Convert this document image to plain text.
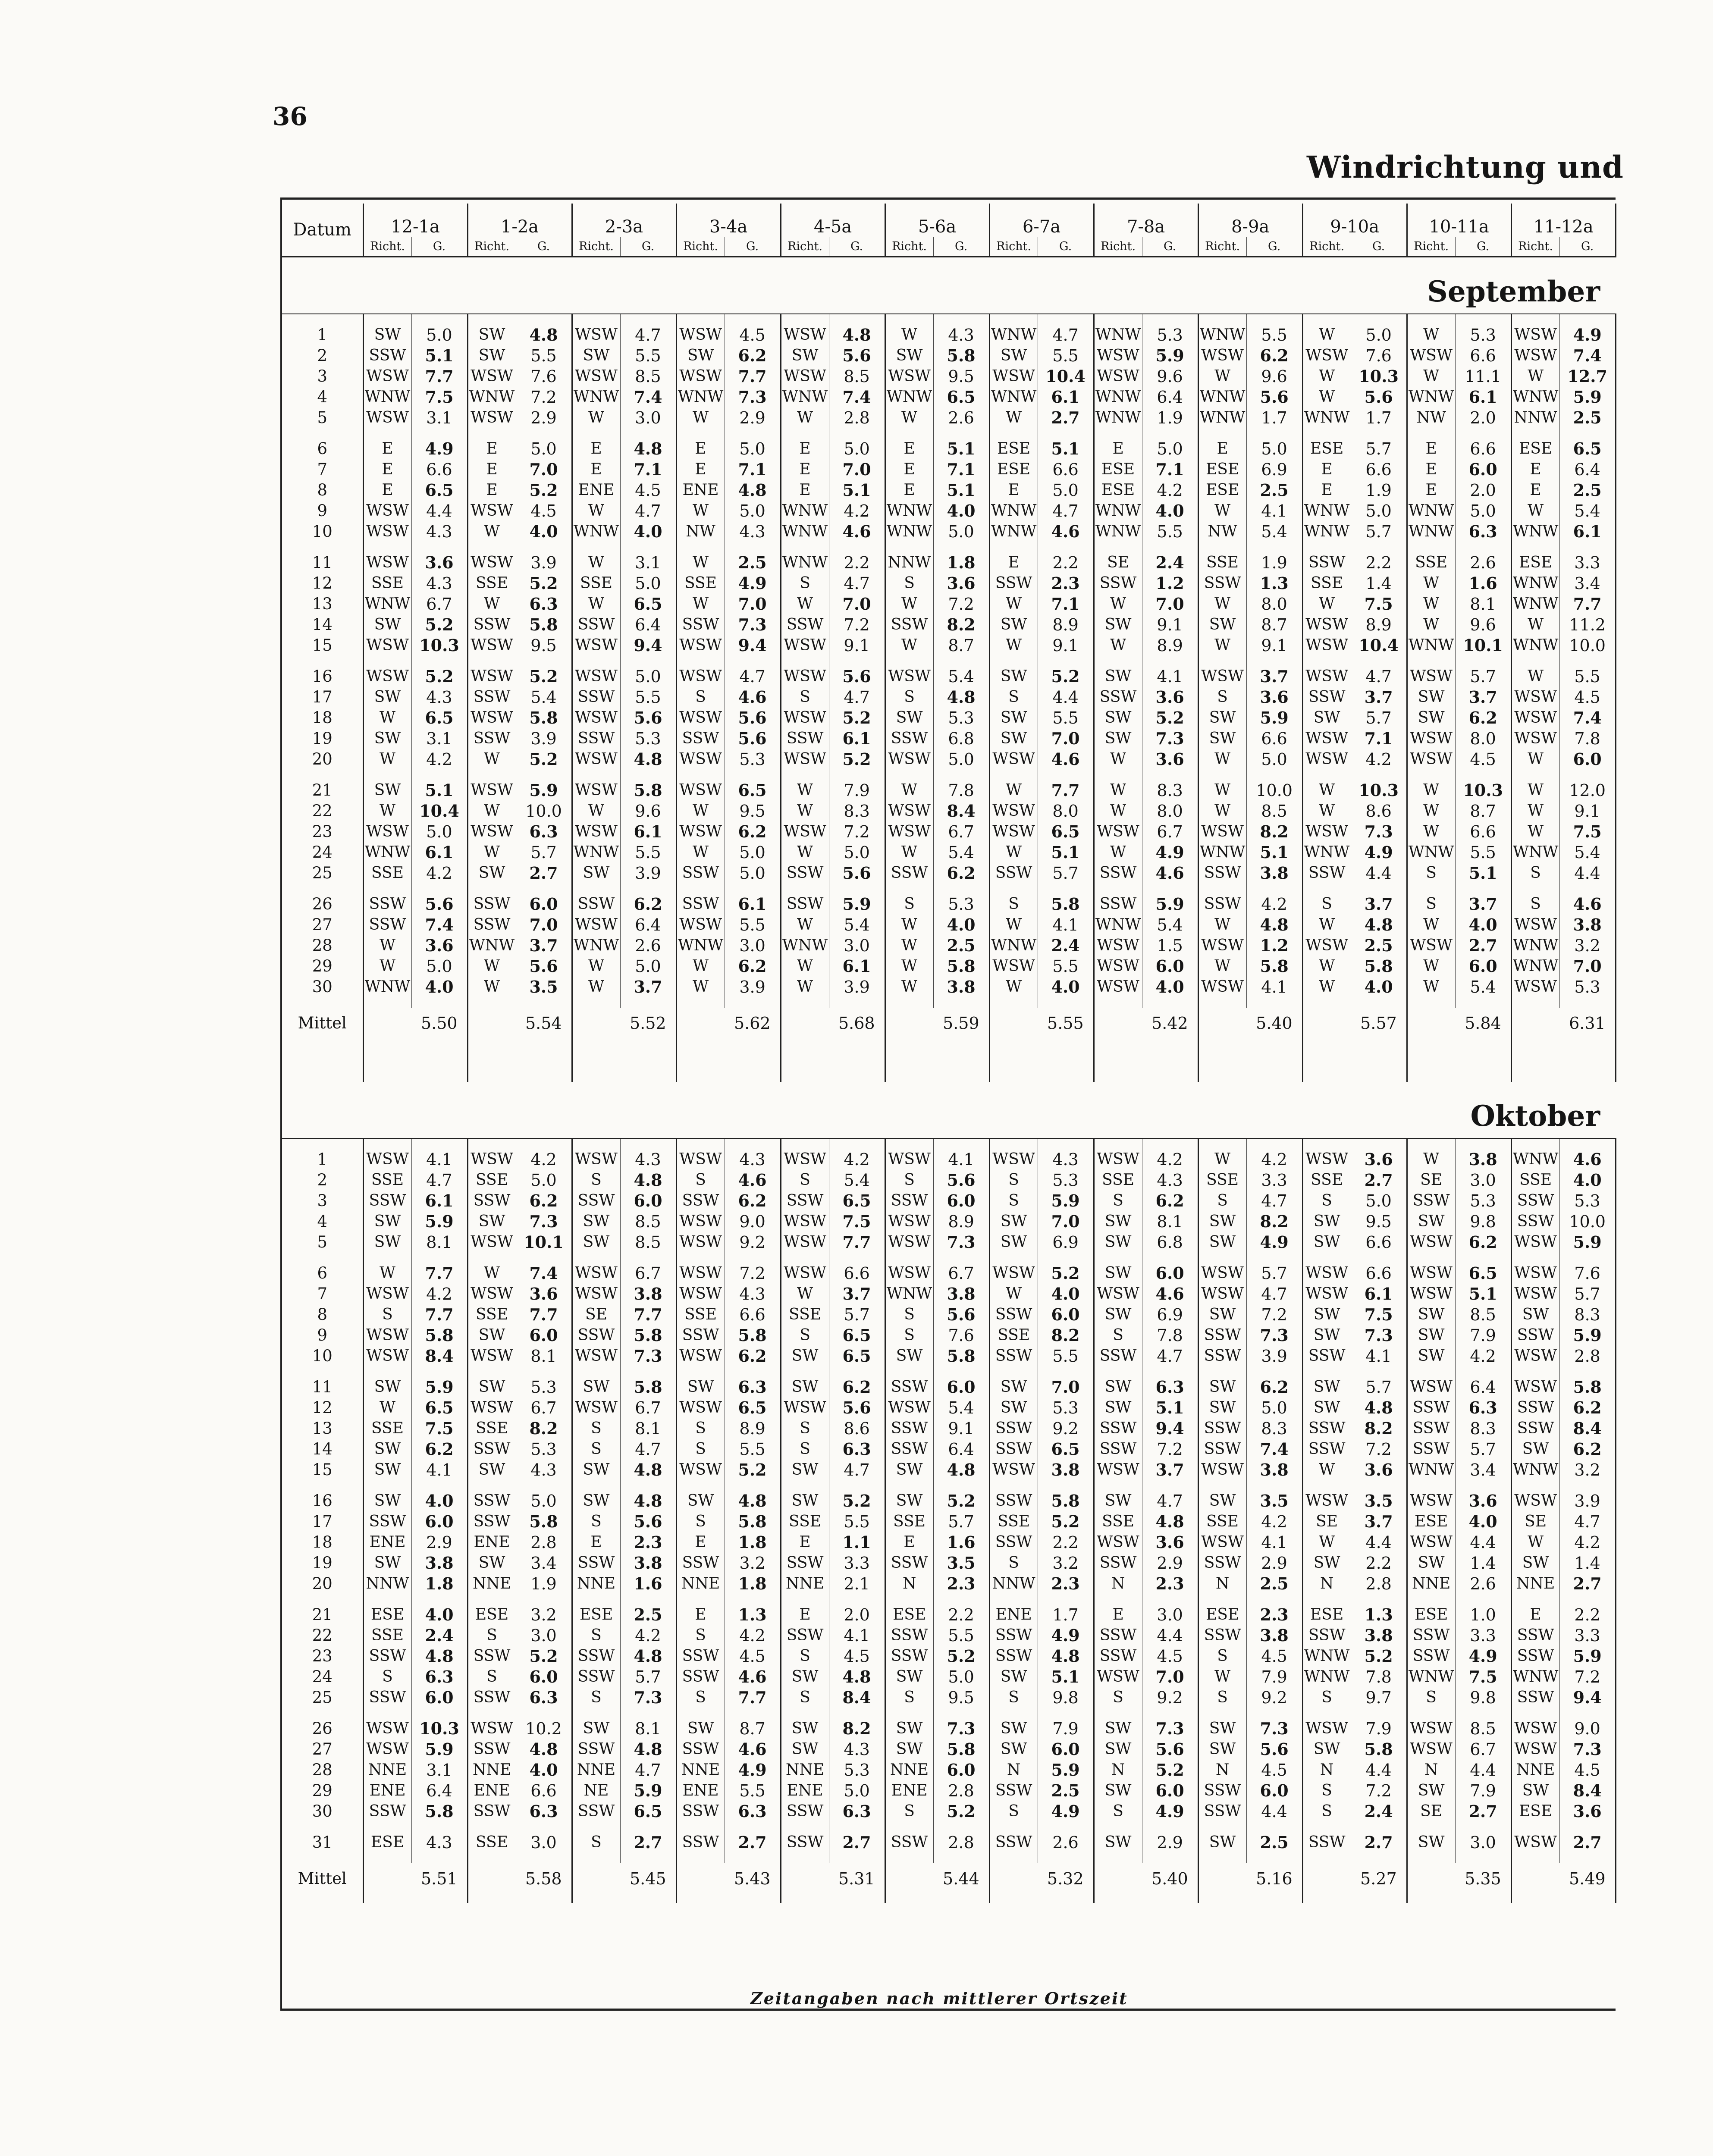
36
Windrichtung und
Datum	12-1a		1-2a		2-3a		3-4a		4-5a		5-6a		6-7a		7-8a		8-9a		9-10a		10-11a		11-12a	
	Richt.	G.	Richt.	G.	Richt.	G.	Richt.	G.	Richt.	G.	Richt.	G.	Richt.	G.	Richt.	G.	Richt.	G.	Richt.	G.	Richt.	G.	Richt.	G.
September																								

1	SW	5.0	SW	4.8	WSW	4.7	WSW	4.5	WSW	4.8	W	4.3	WNW	4.7	WNW	5.3	WNW	5.5	W	5.0	W	5.3	WSW	4.9
2	SSW	5.1	SW	5.5	SW	5.5	SW	6.2	SW	5.6	SW	5.8	SW	5.5	WSW	5.9	WSW	6.2	WSW	7.6	WSW	6.6	WSW	7.4
3	WSW	7.7	WSW	7.6	WSW	8.5	WSW	7.7	WSW	8.5	WSW	9.5	WSW	10.4	WSW	9.6	W	9.6	W	10.3	W	11.1	W	12.7
4	WNW	7.5	WNW	7.2	WNW	7.4	WNW	7.3	WNW	7.4	WNW	6.5	WNW	6.1	WNW	6.4	WNW	5.6	W	5.6	WNW	6.1	WNW	5.9
5	WSW	3.1	WSW	2.9	W	3.0	W	2.9	W	2.8	W	2.6	W	2.7	WNW	1.9	WNW	1.7	WNW	1.7	NW	2.0	NNW	2.5

6	E	4.9	E	5.0	E	4.8	E	5.0	E	5.0	E	5.1	ESE	5.1	E	5.0	E	5.0	ESE	5.7	E	6.6	ESE	6.5
7	E	6.6	E	7.0	E	7.1	E	7.1	E	7.0	E	7.1	ESE	6.6	ESE	7.1	ESE	6.9	E	6.6	E	6.0	E	6.4
8	E	6.5	E	5.2	ENE	4.5	ENE	4.8	E	5.1	E	5.1	E	5.0	ESE	4.2	ESE	2.5	E	1.9	E	2.0	E	2.5
9	WSW	4.4	WSW	4.5	W	4.7	W	5.0	WNW	4.2	WNW	4.0	WNW	4.7	WNW	4.0	W	4.1	WNW	5.0	WNW	5.0	W	5.4
10	WSW	4.3	W	4.0	WNW	4.0	NW	4.3	WNW	4.6	WNW	5.0	WNW	4.6	WNW	5.5	NW	5.4	WNW	5.7	WNW	6.3	WNW	6.1

11	WSW	3.6	WSW	3.9	W	3.1	W	2.5	WNW	2.2	NNW	1.8	E	2.2	SE	2.4	SSE	1.9	SSW	2.2	SSE	2.6	ESE	3.3
12	SSE	4.3	SSE	5.2	SSE	5.0	SSE	4.9	S	4.7	S	3.6	SSW	2.3	SSW	1.2	SSW	1.3	SSE	1.4	W	1.6	WNW	3.4
13	WNW	6.7	W	6.3	W	6.5	W	7.0	W	7.0	W	7.2	W	7.1	W	7.0	W	8.0	W	7.5	W	8.1	WNW	7.7
14	SW	5.2	SSW	5.8	SSW	6.4	SSW	7.3	SSW	7.2	SSW	8.2	SW	8.9	SW	9.1	SW	8.7	WSW	8.9	W	9.6	W	11.2
15	WSW	10.3	WSW	9.5	WSW	9.4	WSW	9.4	WSW	9.1	W	8.7	W	9.1	W	8.9	W	9.1	WSW	10.4	WNW	10.1	WNW	10.0

16	WSW	5.2	WSW	5.2	WSW	5.0	WSW	4.7	WSW	5.6	WSW	5.4	SW	5.2	SW	4.1	WSW	3.7	WSW	4.7	WSW	5.7	W	5.5
17	SW	4.3	SSW	5.4	SSW	5.5	S	4.6	S	4.7	S	4.8	S	4.4	SSW	3.6	S	3.6	SSW	3.7	SW	3.7	WSW	4.5
18	W	6.5	WSW	5.8	WSW	5.6	WSW	5.6	WSW	5.2	SW	5.3	SW	5.5	SW	5.2	SW	5.9	SW	5.7	SW	6.2	WSW	7.4
19	SW	3.1	SSW	3.9	SSW	5.3	SSW	5.6	SSW	6.1	SSW	6.8	SW	7.0	SW	7.3	SW	6.6	WSW	7.1	WSW	8.0	WSW	7.8
20	W	4.2	W	5.2	WSW	4.8	WSW	5.3	WSW	5.2	WSW	5.0	WSW	4.6	W	3.6	W	5.0	WSW	4.2	WSW	4.5	W	6.0

21	SW	5.1	WSW	5.9	WSW	5.8	WSW	6.5	W	7.9	W	7.8	W	7.7	W	8.3	W	10.0	W	10.3	W	10.3	W	12.0
22	W	10.4	W	10.0	W	9.6	W	9.5	W	8.3	WSW	8.4	WSW	8.0	W	8.0	W	8.5	W	8.6	W	8.7	W	9.1
23	WSW	5.0	WSW	6.3	WSW	6.1	WSW	6.2	WSW	7.2	WSW	6.7	WSW	6.5	WSW	6.7	WSW	8.2	WSW	7.3	W	6.6	W	7.5
24	WNW	6.1	W	5.7	WNW	5.5	W	5.0	W	5.0	W	5.4	W	5.1	W	4.9	WNW	5.1	WNW	4.9	WNW	5.5	WNW	5.4
25	SSE	4.2	SW	2.7	SW	3.9	SSW	5.0	SSW	5.6	SSW	6.2	SSW	5.7	SSW	4.6	SSW	3.8	SSW	4.4	S	5.1	S	4.4

26	SSW	5.6	SSW	6.0	SSW	6.2	SSW	6.1	SSW	5.9	S	5.3	S	5.8	SSW	5.9	SSW	4.2	S	3.7	S	3.7	S	4.6
27	SSW	7.4	SSW	7.0	WSW	6.4	WSW	5.5	W	5.4	W	4.0	W	4.1	WNW	5.4	W	4.8	W	4.8	W	4.0	WSW	3.8
28	W	3.6	WNW	3.7	WNW	2.6	WNW	3.0	WNW	3.0	W	2.5	WNW	2.4	WSW	1.5	WSW	1.2	WSW	2.5	WSW	2.7	WNW	3.2
29	W	5.0	W	5.6	W	5.0	W	6.2	W	6.1	W	5.8	WSW	5.5	WSW	6.0	W	5.8	W	5.8	W	6.0	WNW	7.0
30	WNW	4.0	W	3.5	W	3.7	W	3.9	W	3.9	W	3.8	W	4.0	WSW	4.0	WSW	4.1	W	4.0	W	5.4	WSW	5.3

Mittel		5.50		5.54		5.52		5.62		5.68		5.59		5.55		5.42		5.40		5.57		5.84		6.31

Oktober																								

1	WSW	4.1	WSW	4.2	WSW	4.3	WSW	4.3	WSW	4.2	WSW	4.1	WSW	4.3	WSW	4.2	W	4.2	WSW	3.6	W	3.8	WNW	4.6
2	SSE	4.7	SSE	5.0	S	4.8	S	4.6	S	5.4	S	5.6	S	5.3	SSE	4.3	SSE	3.3	SSE	2.7	SE	3.0	SSE	4.0
3	SSW	6.1	SSW	6.2	SSW	6.0	SSW	6.2	SSW	6.5	SSW	6.0	S	5.9	S	6.2	S	4.7	S	5.0	SSW	5.3	SSW	5.3
4	SW	5.9	SW	7.3	SW	8.5	WSW	9.0	WSW	7.5	WSW	8.9	SW	7.0	SW	8.1	SW	8.2	SW	9.5	SW	9.8	SSW	10.0
5	SW	8.1	WSW	10.1	SW	8.5	WSW	9.2	WSW	7.7	WSW	7.3	SW	6.9	SW	6.8	SW	4.9	SW	6.6	WSW	6.2	WSW	5.9

6	W	7.7	W	7.4	WSW	6.7	WSW	7.2	WSW	6.6	WSW	6.7	WSW	5.2	SW	6.0	WSW	5.7	WSW	6.6	WSW	6.5	WSW	7.6
7	WSW	4.2	WSW	3.6	WSW	3.8	WSW	4.3	W	3.7	WNW	3.8	W	4.0	WSW	4.6	WSW	4.7	WSW	6.1	WSW	5.1	WSW	5.7
8	S	7.7	SSE	7.7	SE	7.7	SSE	6.6	SSE	5.7	S	5.6	SSW	6.0	SW	6.9	SW	7.2	SW	7.5	SW	8.5	SW	8.3
9	WSW	5.8	SW	6.0	SSW	5.8	SSW	5.8	S	6.5	S	7.6	SSE	8.2	S	7.8	SSW	7.3	SW	7.3	SW	7.9	SSW	5.9
10	WSW	8.4	WSW	8.1	WSW	7.3	WSW	6.2	SW	6.5	SW	5.8	SSW	5.5	SSW	4.7	SSW	3.9	SSW	4.1	SW	4.2	WSW	2.8

11	SW	5.9	SW	5.3	SW	5.8	SW	6.3	SW	6.2	SSW	6.0	SW	7.0	SW	6.3	SW	6.2	SW	5.7	WSW	6.4	WSW	5.8
12	W	6.5	WSW	6.7	WSW	6.7	WSW	6.5	WSW	5.6	WSW	5.4	SW	5.3	SW	5.1	SW	5.0	SW	4.8	SSW	6.3	SSW	6.2
13	SSE	7.5	SSE	8.2	S	8.1	S	8.9	S	8.6	SSW	9.1	SSW	9.2	SSW	9.4	SSW	8.3	SSW	8.2	SSW	8.3	SSW	8.4
14	SW	6.2	SSW	5.3	S	4.7	S	5.5	S	6.3	SSW	6.4	SSW	6.5	SSW	7.2	SSW	7.4	SSW	7.2	SSW	5.7	SW	6.2
15	SW	4.1	SW	4.3	SW	4.8	WSW	5.2	SW	4.7	SW	4.8	WSW	3.8	WSW	3.7	WSW	3.8	W	3.6	WNW	3.4	WNW	3.2

16	SW	4.0	SSW	5.0	SW	4.8	SW	4.8	SW	5.2	SW	5.2	SSW	5.8	SW	4.7	SW	3.5	WSW	3.5	WSW	3.6	WSW	3.9
17	SSW	6.0	SSW	5.8	S	5.6	S	5.8	SSE	5.5	SSE	5.7	SSE	5.2	SSE	4.8	SSE	4.2	SE	3.7	ESE	4.0	SE	4.7
18	ENE	2.9	ENE	2.8	E	2.3	E	1.8	E	1.1	E	1.6	SSW	2.2	WSW	3.6	WSW	4.1	W	4.4	WSW	4.4	W	4.2
19	SW	3.8	SW	3.4	SSW	3.8	SSW	3.2	SSW	3.3	SSW	3.5	S	3.2	SSW	2.9	SSW	2.9	SW	2.2	SW	1.4	SW	1.4
20	NNW	1.8	NNE	1.9	NNE	1.6	NNE	1.8	NNE	2.1	N	2.3	NNW	2.3	N	2.3	N	2.5	N	2.8	NNE	2.6	NNE	2.7

21	ESE	4.0	ESE	3.2	ESE	2.5	E	1.3	E	2.0	ESE	2.2	ENE	1.7	E	3.0	ESE	2.3	ESE	1.3	ESE	1.0	E	2.2
22	SSE	2.4	S	3.0	S	4.2	S	4.2	SSW	4.1	SSW	5.5	SSW	4.9	SSW	4.4	SSW	3.8	SSW	3.8	SSW	3.3	SSW	3.3
23	SSW	4.8	SSW	5.2	SSW	4.8	SSW	4.5	S	4.5	SSW	5.2	SSW	4.8	SSW	4.5	S	4.5	WNW	5.2	SSW	4.9	SSW	5.9
24	S	6.3	S	6.0	SSW	5.7	SSW	4.6	SW	4.8	SW	5.0	SW	5.1	WSW	7.0	W	7.9	WNW	7.8	WNW	7.5	WNW	7.2
25	SSW	6.0	SSW	6.3	S	7.3	S	7.7	S	8.4	S	9.5	S	9.8	S	9.2	S	9.2	S	9.7	S	9.8	SSW	9.4

26	WSW	10.3	WSW	10.2	SW	8.1	SW	8.7	SW	8.2	SW	7.3	SW	7.9	SW	7.3	SW	7.3	WSW	7.9	WSW	8.5	WSW	9.0
27	WSW	5.9	SSW	4.8	SSW	4.8	SSW	4.6	SW	4.3	SW	5.8	SW	6.0	SW	5.6	SW	5.6	SW	5.8	WSW	6.7	WSW	7.3
28	NNE	3.1	NNE	4.0	NNE	4.7	NNE	4.9	NNE	5.3	NNE	6.0	N	5.9	N	5.2	N	4.5	N	4.4	N	4.4	NNE	4.5
29	ENE	6.4	ENE	6.6	NE	5.9	ENE	5.5	ENE	5.0	ENE	2.8	SSW	2.5	SW	6.0	SSW	6.0	S	7.2	SW	7.9	SW	8.4
30	SSW	5.8	SSW	6.3	SSW	6.5	SSW	6.3	SSW	6.3	S	5.2	S	4.9	S	4.9	SSW	4.4	S	2.4	SE	2.7	ESE	3.6

31	ESE	4.3	SSE	3.0	S	2.7	SSW	2.7	SSW	2.7	SSW	2.8	SSW	2.6	SW	2.9	SW	2.5	SSW	2.7	SW	3.0	WSW	2.7

Mittel		5.51		5.58		5.45		5.43		5.31		5.44		5.32		5.40		5.16		5.27		5.35		5.49
Zeitangaben nach mittlerer Ortszeit
